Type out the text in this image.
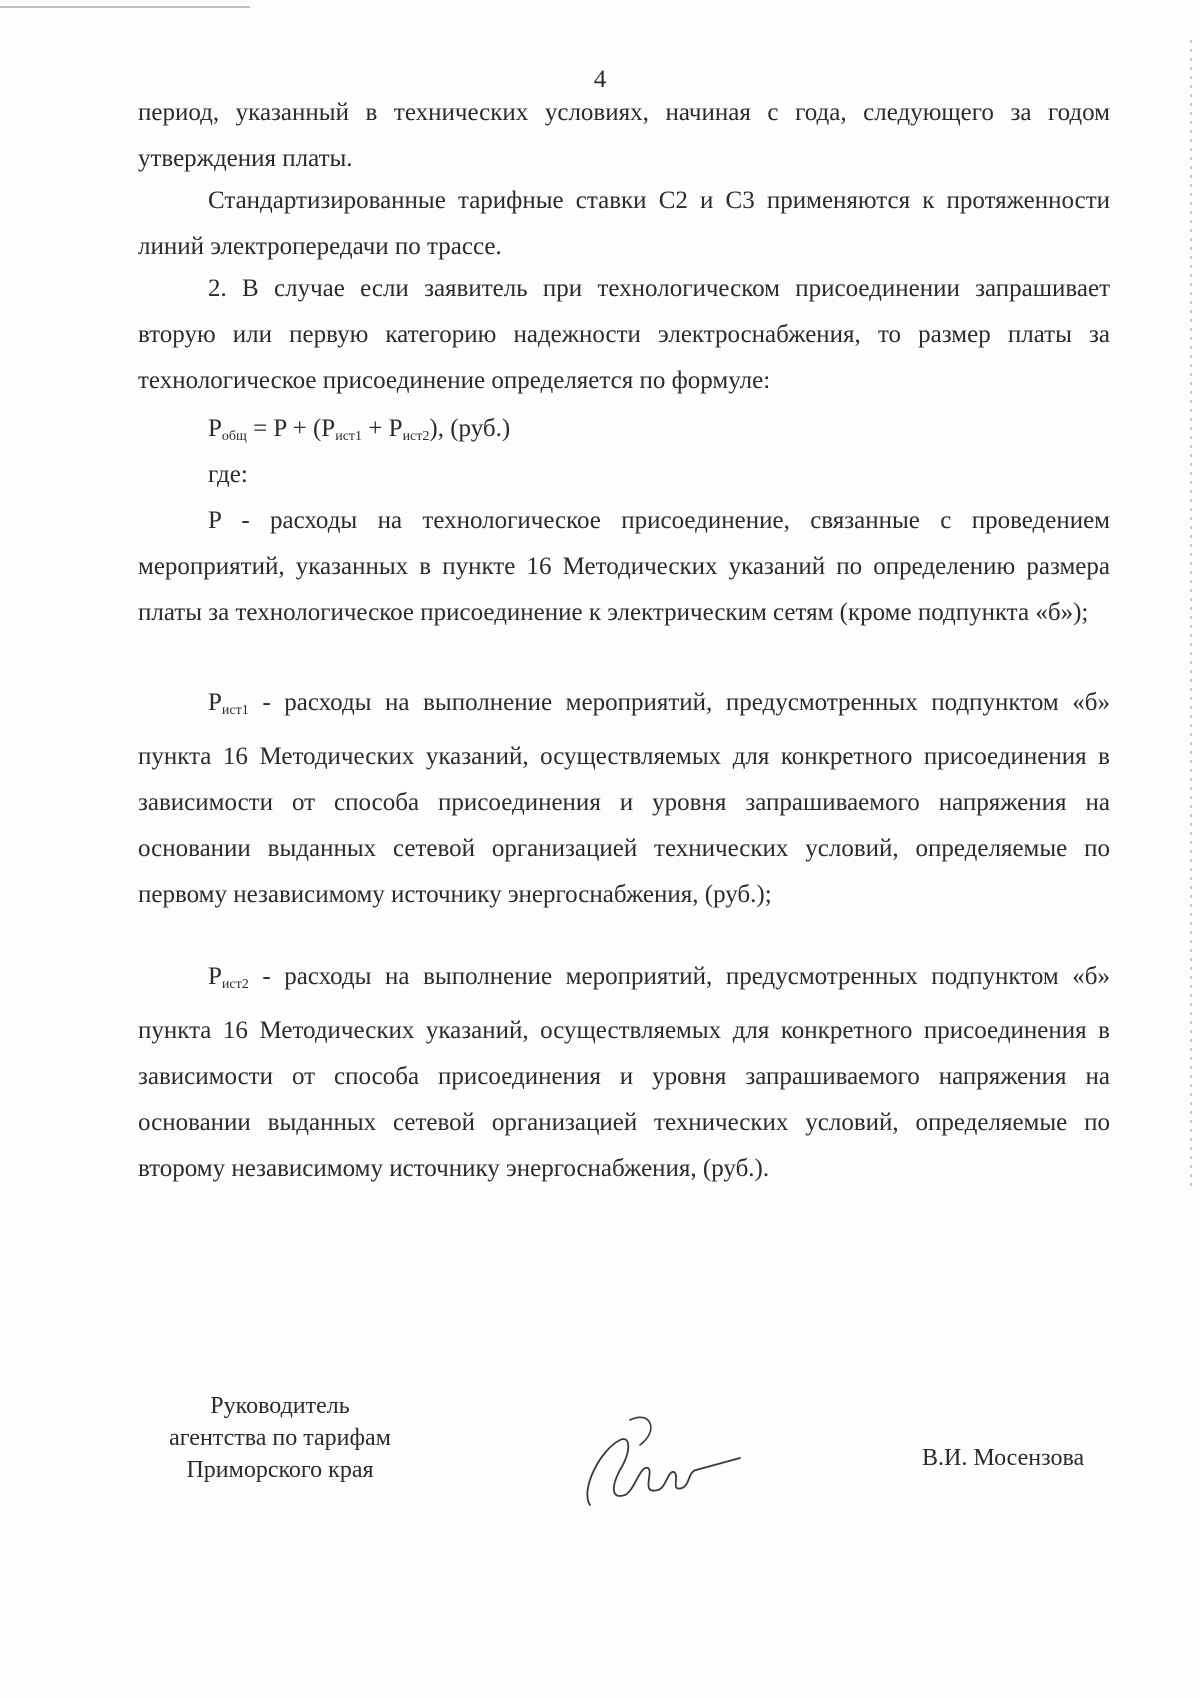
4

период, указанный в технических условиях, начиная с года, следующего за годом утверждения платы.

Стандартизированные тарифные ставки С2 и С3 применяются к протяженности линий электропередачи по трассе.

2. В случае если заявитель при технологическом присоединении запрашивает вторую или первую категорию надежности электроснабжения, то размер платы за технологическое присоединение определяется по формуле:

$P_{общ} = P + (P_{ист1} + P_{ист2})$, (руб.)
где:

P - расходы на технологическое присоединение, связанные с проведением мероприятий, указанных в пункте 16 Методических указаний по определению размера платы за технологическое присоединение к электрическим сетям (кроме подпункта «б»);

$P_{ист1}$ - расходы на выполнение мероприятий, предусмотренных подпунктом «б» пункта 16 Методических указаний, осуществляемых для конкретного присоединения в зависимости от способа присоединения и уровня запрашиваемого напряжения на основании выданных сетевой организацией технических условий, определяемые по первому независимому источнику энергоснабжения, (руб.);

$P_{ист2}$ - расходы на выполнение мероприятий, предусмотренных подпунктом «б» пункта 16 Методических указаний, осуществляемых для конкретного присоединения в зависимости от способа присоединения и уровня запрашиваемого напряжения на основании выданных сетевой организацией технических условий, определяемые по второму независимому источнику энергоснабжения, (руб.).

Руководитель
агентства по тарифам
Приморского края	В.И. Мосензова
